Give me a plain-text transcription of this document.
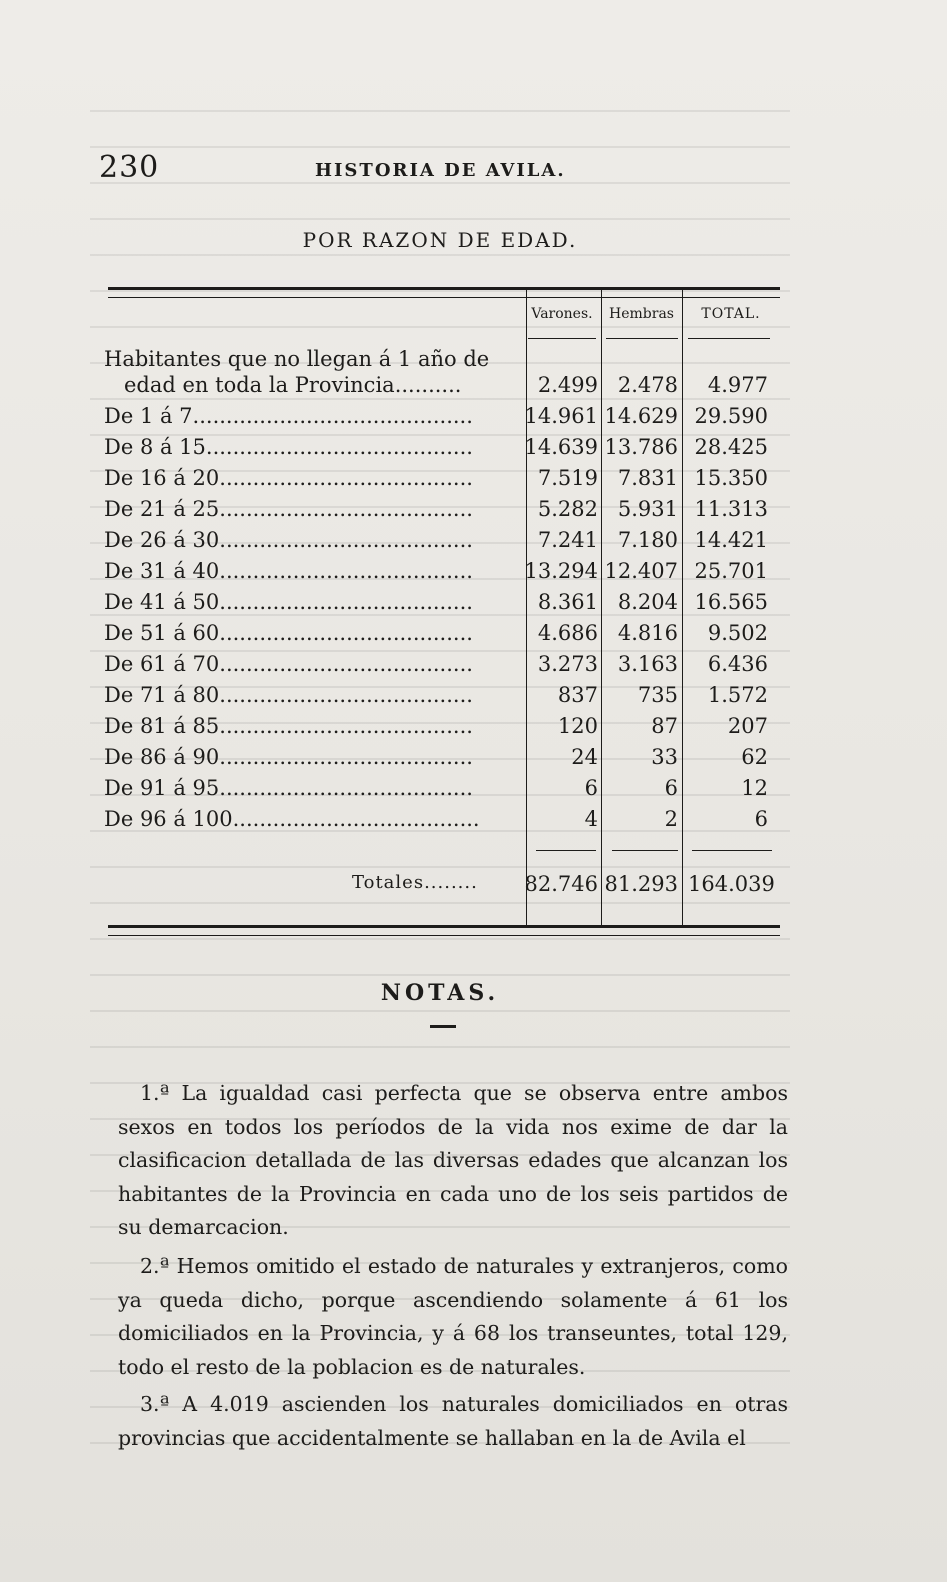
230	HISTORIA DE AVILA.
POR RAZON DE EDAD.
Varones.	Hembras	TOTAL.
Habitantes que no llegan á 1 año de
edad en toda la Provincia..........	2.499 2.478	4.977
De 1 á 7..........................................	14.961 14.629 29.590
De 8 á 15........................................	14.639 13.786 28.425
De 16 á 20......................................	7.519 7.831 15.350
De 21 á 25......................................	5.282 5.931 11.313
De 26 á 30......................................	7.241 7.180 14.421
De 31 á 40......................................	13.294 12.407 25.701
De 41 á 50......................................	8.361 8.204 16.565
De 51 á 60......................................	4.686 4.816	9.502
De 61 á 70......................................	3.273 3.163	6.436
De 71 á 80......................................	837	735	1.572
De 81 á 85......................................	120	87	207
De 86 á 90......................................	24	33	62
De 91 á 95......................................	6	6	12
De 96 á 100.....................................	4	2	6
Totales........	82.746 81.293 164.039
NOTAS.

1.ª La igualdad casi perfecta que se observa entre ambos sexos en todos los períodos de la vida nos exime de dar la clasificacion detallada de las diversas edades que alcanzan los habitantes de la Provincia en cada uno de los seis partidos de su demarcacion.

2.ª Hemos omitido el estado de naturales y extranjeros, como ya queda dicho, porque ascendiendo solamente á 61 los domiciliados en la Provincia, y á 68 los transeuntes, total 129, todo el resto de la poblacion es de naturales.

3.ª A 4.019 ascienden los naturales domiciliados en otras provincias que accidentalmente se hallaban en la de Avila el
